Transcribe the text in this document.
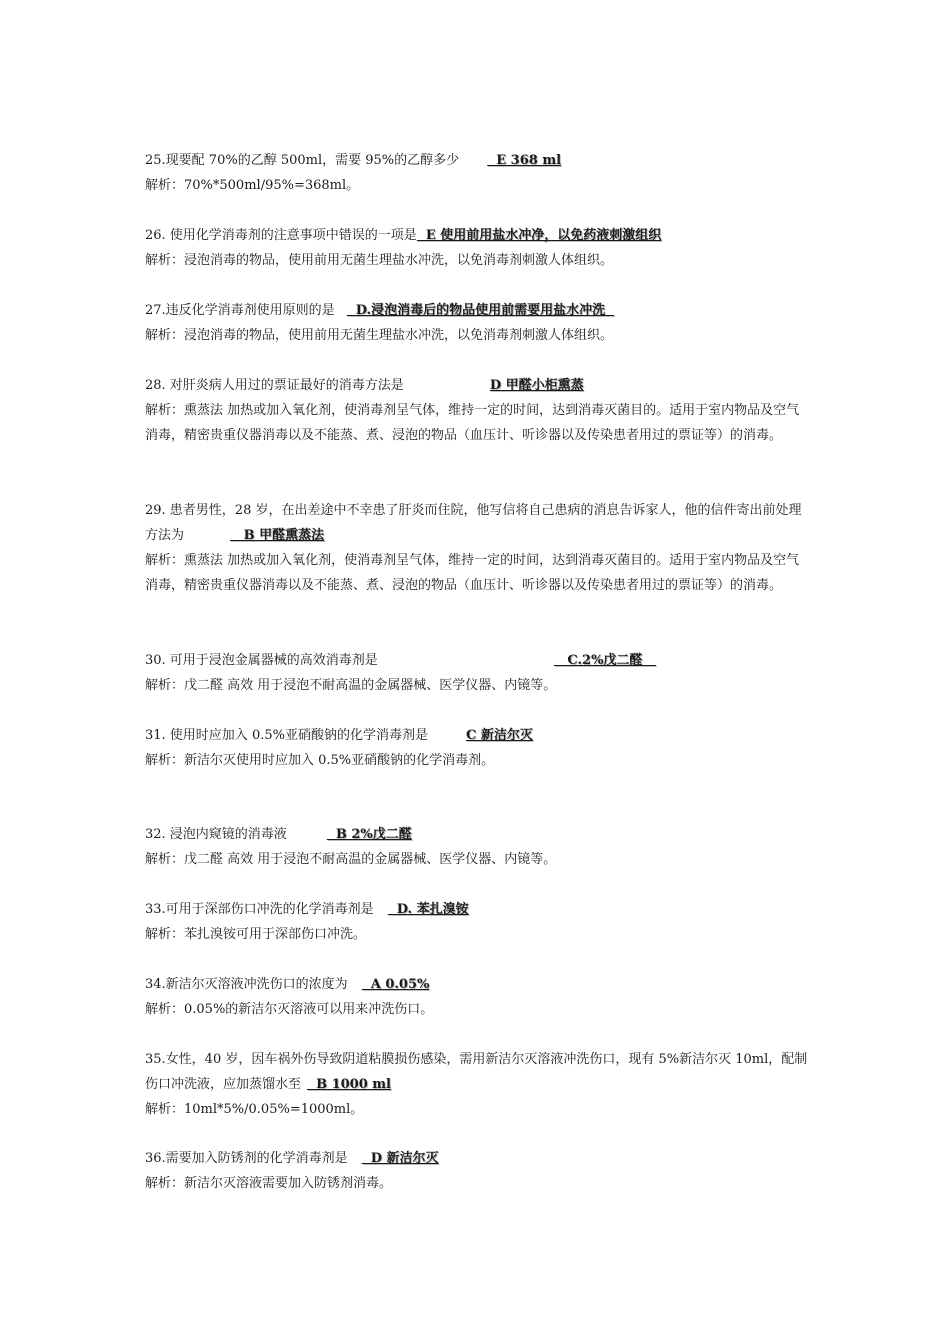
25.现要配 70%的乙醇 500ml，需要 95%的乙醇多少  E 368 ml

解析：70%*500ml/95%=368ml。

26. 使用化学消毒剂的注意事项中错误的一项是  E 使用前用盐水冲净，以免药液刺激组织

解析：浸泡消毒的物品，使用前用无菌生理盐水冲洗，以免消毒剂刺激人体组织。

27.违反化学消毒剂使用原则的是  D.浸泡消毒后的物品使用前需要用盐水冲洗

解析：浸泡消毒的物品，使用前用无菌生理盐水冲洗，以免消毒剂刺激人体组织。

28. 对肝炎病人用过的票证最好的消毒方法是	D 甲醛小柜熏蒸

解析：熏蒸法 加热或加入氧化剂，使消毒剂呈气体，维持一定的时间，达到消毒灭菌目的。适用于室内物品及空气消毒，精密贵重仪器消毒以及不能蒸、煮、浸泡的物品（血压计、听诊器以及传染患者用过的票证等）的消毒。

29. 患者男性，28 岁，在出差途中不幸患了肝炎而住院，他写信将自己患病的消息告诉家人，他的信件寄出前处理方法为	B 甲醛熏蒸法

解析：熏蒸法 加热或加入氧化剂，使消毒剂呈气体，维持一定的时间，达到消毒灭菌目的。适用于室内物品及空气消毒，精密贵重仪器消毒以及不能蒸、煮、浸泡的物品（血压计、听诊器以及传染患者用过的票证等）的消毒。

30. 可用于浸泡金属器械的高效消毒剂是	C.2%戊二醛

解析：戊二醛 高效 用于浸泡不耐高温的金属器械、医学仪器、内镜等。

31. 使用时应加入 0.5%亚硝酸钠的化学消毒剂是	C 新洁尔灭

解析：新洁尔灭使用时应加入 0.5%亚硝酸钠的化学消毒剂。

32. 浸泡内窥镜的消毒液	B 2%戊二醛

解析：戊二醛 高效 用于浸泡不耐高温的金属器械、医学仪器、内镜等。

33.可用于深部伤口冲洗的化学消毒剂是  D. 苯扎溴铵

解析：苯扎溴铵可用于深部伤口冲洗。

34.新洁尔灭溶液冲洗伤口的浓度为  A 0.05%

解析：0.05%的新洁尔灭溶液可以用来冲洗伤口。

35.女性，40 岁，因车祸外伤导致阴道粘膜损伤感染，需用新洁尔灭溶液冲洗伤口，现有 5%新洁尔灭 10ml，配制伤口冲洗液，应加蒸馏水至  B 1000 ml

解析：10ml*5%/0.05%=1000ml。

36.需要加入防锈剂的化学消毒剂是  D 新洁尔灭

解析：新洁尔灭溶液需要加入防锈剂消毒。
